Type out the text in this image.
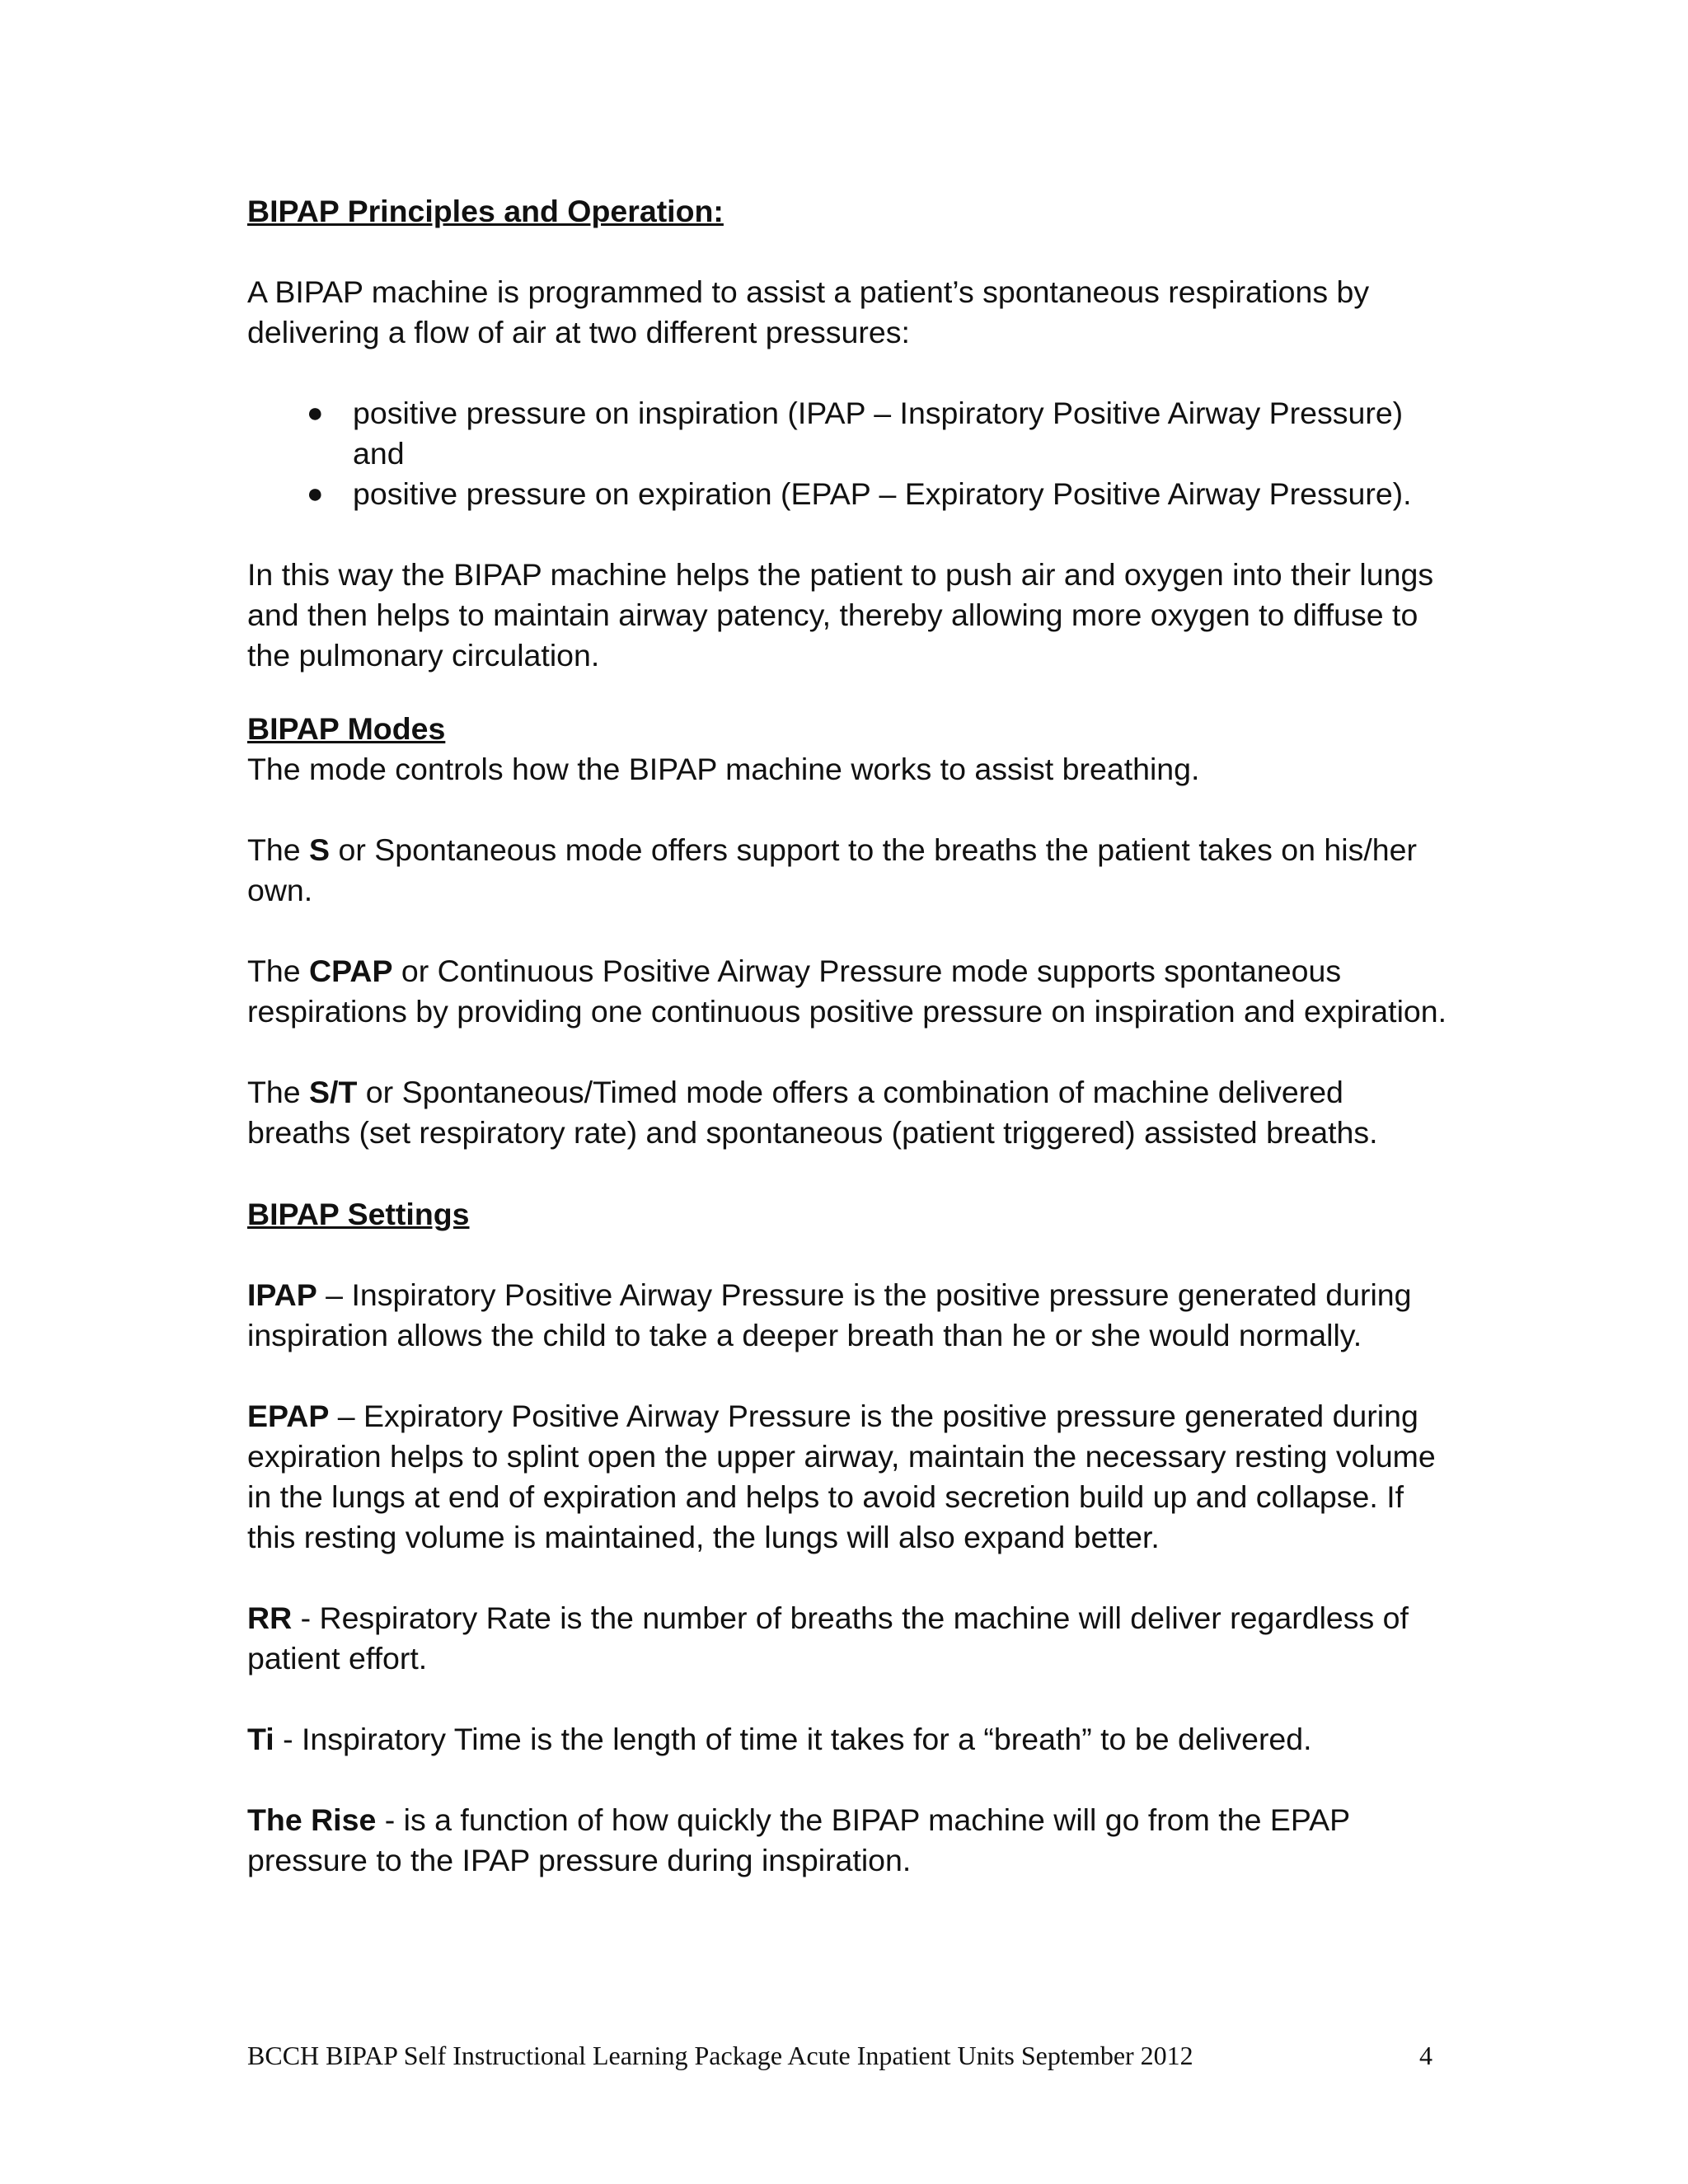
BIPAP Principles and Operation:

A BIPAP machine is programmed to assist a patient’s spontaneous respirations by delivering a flow of air at two different pressures:

● positive pressure on inspiration (IPAP – Inspiratory Positive Airway Pressure) and
● positive pressure on expiration (EPAP – Expiratory Positive Airway Pressure).

In this way the BIPAP machine helps the patient to push air and oxygen into their lungs and then helps to maintain airway patency, thereby allowing more oxygen to diffuse to the pulmonary circulation.

BIPAP Modes

The mode controls how the BIPAP machine works to assist breathing.

The S or Spontaneous mode offers support to the breaths the patient takes on his/her own.

The CPAP or Continuous Positive Airway Pressure mode supports spontaneous respirations by providing one continuous positive pressure on inspiration and expiration.

The S/T or Spontaneous/Timed mode offers a combination of machine delivered breaths (set respiratory rate) and spontaneous (patient triggered) assisted breaths.

BIPAP Settings

IPAP – Inspiratory Positive Airway Pressure is the positive pressure generated during inspiration allows the child to take a deeper breath than he or she would normally.

EPAP – Expiratory Positive Airway Pressure is the positive pressure generated during expiration helps to splint open the upper airway, maintain the necessary resting volume in the lungs at end of expiration and helps to avoid secretion build up and collapse. If this resting volume is maintained, the lungs will also expand better.

RR - Respiratory Rate is the number of breaths the machine will deliver regardless of patient effort.

Ti - Inspiratory Time is the length of time it takes for a “breath” to be delivered.

The Rise - is a function of how quickly the BIPAP machine will go from the EPAP pressure to the IPAP pressure during inspiration.

BCCH BIPAP Self Instructional Learning Package Acute Inpatient Units September 2012	4
